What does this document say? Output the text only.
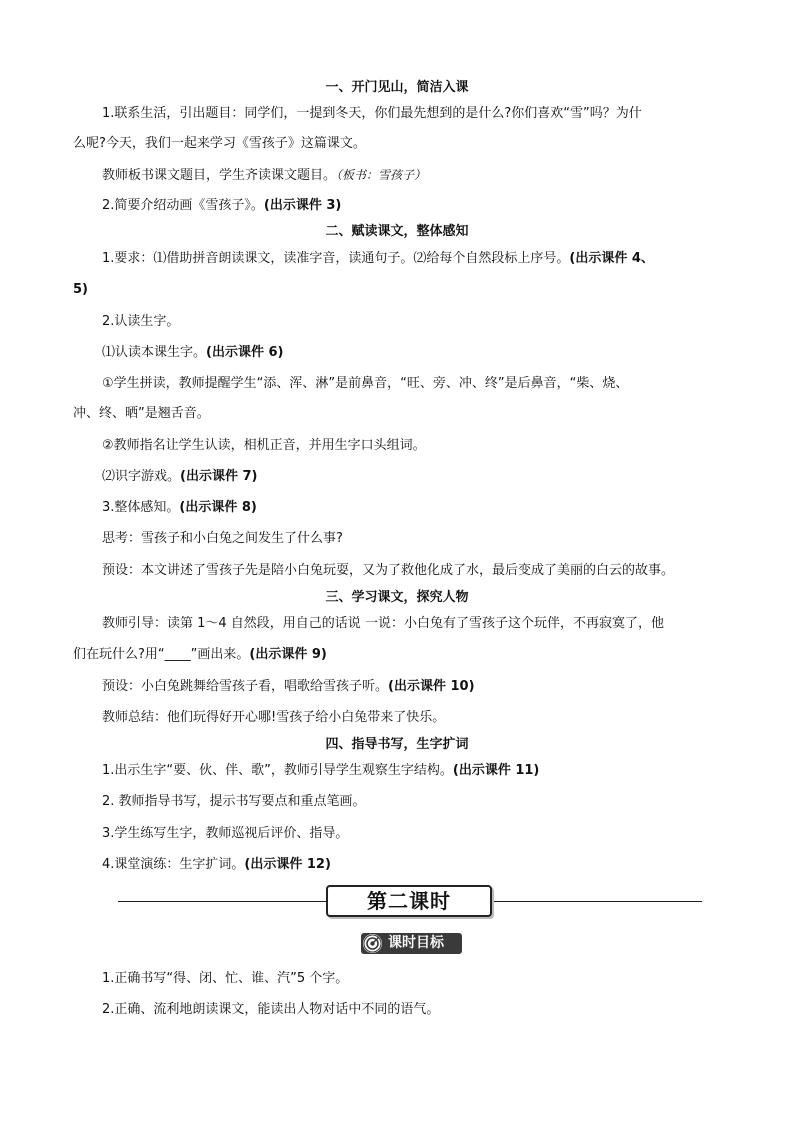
一、开门见山，简洁入课
1.联系生活，引出题目：同学们，一提到冬天，你们最先想到的是什么?你们喜欢“雪”吗？为什
么呢?今天，我们一起来学习《雪孩子》这篇课文。
教师板书课文题目，学生齐读课文题目。（板书：雪孩子）
2.简要介绍动画《雪孩子》。(出示课件 3)
二、赋读课文，整体感知
1.要求：⑴借助拼音朗读课文，读准字音，读通句子。⑵给每个自然段标上序号。(出示课件 4、
5)
2.认读生字。
⑴认读本课生字。(出示课件 6)
①学生拼读，教师提醒学生“添、浑、淋”是前鼻音，“旺、旁、冲、终”是后鼻音，“柴、烧、
冲、终、晒”是翘舌音。
②教师指名让学生认读，相机正音，并用生字口头组词。
⑵识字游戏。(出示课件 7)
3.整体感知。(出示课件 8)
思考：雪孩子和小白兔之间发生了什么事?
预设：本文讲述了雪孩子先是陪小白兔玩耍，又为了救他化成了水，最后变成了美丽的白云的故事。
三、学习课文，探究人物
教师引导：读第 1～4 自然段，用自己的话说 一说：小白兔有了雪孩子这个玩伴，不再寂寞了，他
们在玩什么?用“____”画出来。(出示课件 9)
预设：小白兔跳舞给雪孩子看，唱歌给雪孩子听。(出示课件 10)
教师总结：他们玩得好开心哪!雪孩子给小白兔带来了快乐。
四、指导书写，生字扩词
1.出示生字“要、伙、伴、歌”，教师引导学生观察生字结构。(出示课件 11)
2. 教师指导书写，提示书写要点和重点笔画。
3.学生练写生字，教师巡视后评价、指导。
4.课堂演练：生字扩词。(出示课件 12)
第二课时
课时目标
1.正确书写“得、闭、忙、谁、汽”5 个字。
2.正确、流利地朗读课文，能读出人物对话中不同的语气。
